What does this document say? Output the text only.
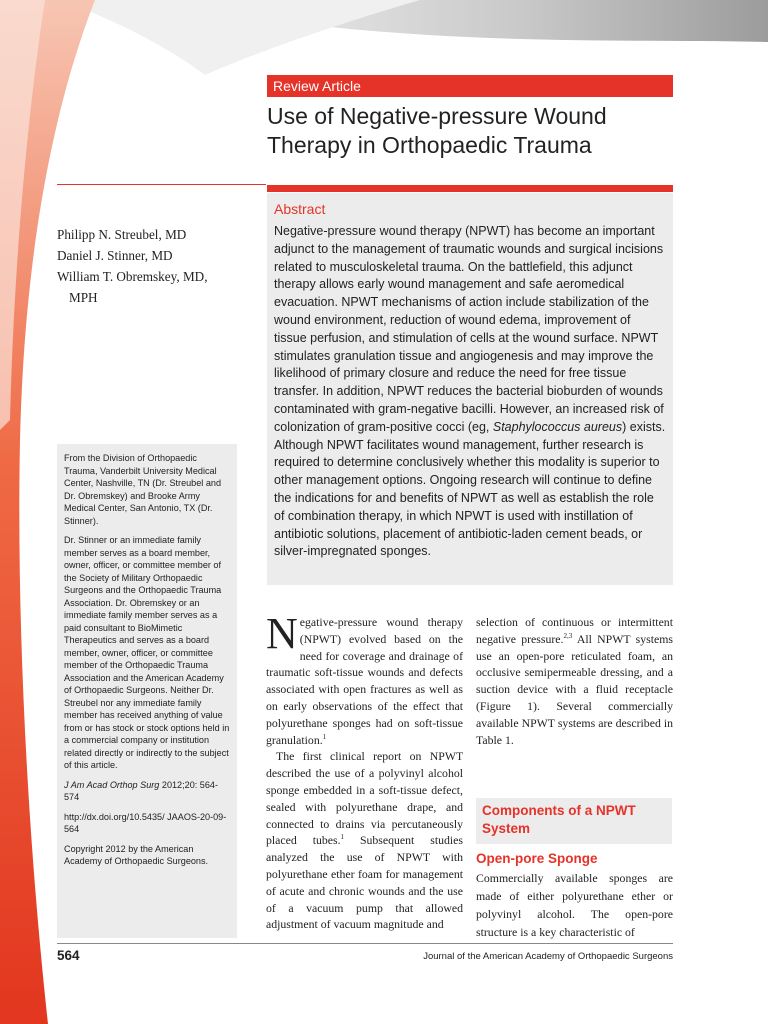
Review Article
Use of Negative-pressure Wound Therapy in Orthopaedic Trauma
Philipp N. Streubel, MD
Daniel J. Stinner, MD
William T. Obremskey, MD,
MPH
Abstract

Negative-pressure wound therapy (NPWT) has become an important adjunct to the management of traumatic wounds and surgical incisions related to musculoskeletal trauma. On the battlefield, this adjunct therapy allows early wound management and safe aeromedical evacuation. NPWT mechanisms of action include stabilization of the wound environment, reduction of wound edema, improvement of tissue perfusion, and stimulation of cells at the wound surface. NPWT stimulates granulation tissue and angiogenesis and may improve the likelihood of primary closure and reduce the need for free tissue transfer. In addition, NPWT reduces the bacterial bioburden of wounds contaminated with gram-negative bacilli. However, an increased risk of colonization of gram-positive cocci (eg, Staphylococcus aureus) exists. Although NPWT facilitates wound management, further research is required to determine conclusively whether this modality is superior to other management options. Ongoing research will continue to define the indications for and benefits of NPWT as well as establish the role of combination therapy, in which NPWT is used with instillation of antibiotic solutions, placement of antibiotic-laden cement beads, or silver-impregnated sponges.

From the Division of Orthopaedic Trauma, Vanderbilt University Medical Center, Nashville, TN (Dr. Streubel and Dr. Obremskey) and Brooke Army Medical Center, San Antonio, TX (Dr. Stinner).

Dr. Stinner or an immediate family member serves as a board member, owner, officer, or committee member of the Society of Military Orthopaedic Surgeons and the Orthopaedic Trauma Association. Dr. Obremskey or an immediate family member serves as a paid consultant to BioMimetic Therapeutics and serves as a board member, owner, officer, or committee member of the Orthopaedic Trauma Association and the American Academy of Orthopaedic Surgeons. Neither Dr. Streubel nor any immediate family member has received anything of value from or has stock or stock options held in a commercial company or institution related directly or indirectly to the subject of this article.

J Am Acad Orthop Surg 2012;20: 564-574

http://dx.doi.org/10.5435/ JAAOS-20-09-564

Copyright 2012 by the American Academy of Orthopaedic Surgeons.

Negative-pressure wound therapy (NPWT) evolved based on the need for coverage and drainage of traumatic soft-tissue wounds and defects associated with open fractures as well as on early observations of the effect that polyurethane sponges had on soft-tissue granulation.$^1$

The first clinical report on NPWT described the use of a polyvinyl alcohol sponge embedded in a soft-tissue defect, sealed with polyurethane drape, and connected to drains via percutaneously placed tubes.$^1$ Subsequent studies analyzed the use of NPWT with polyurethane ether foam for management of acute and chronic wounds and the use of a vacuum pump that allowed adjustment of vacuum magnitude and

Components of a NPWT System
Open-pore Sponge

Commercially available sponges are made of either polyurethane ether or polyvinyl alcohol. The open-pore structure is a key characteristic of

564	Journal of the American Academy of Orthopaedic Surgeons

selection of continuous or intermittent negative pressure.$^{2,3}$ All NPWT systems use an open-pore reticulated foam, an occlusive semipermeable dressing, and a suction device with a fluid receptacle (Figure 1). Several commercially available NPWT systems are described in Table 1.
